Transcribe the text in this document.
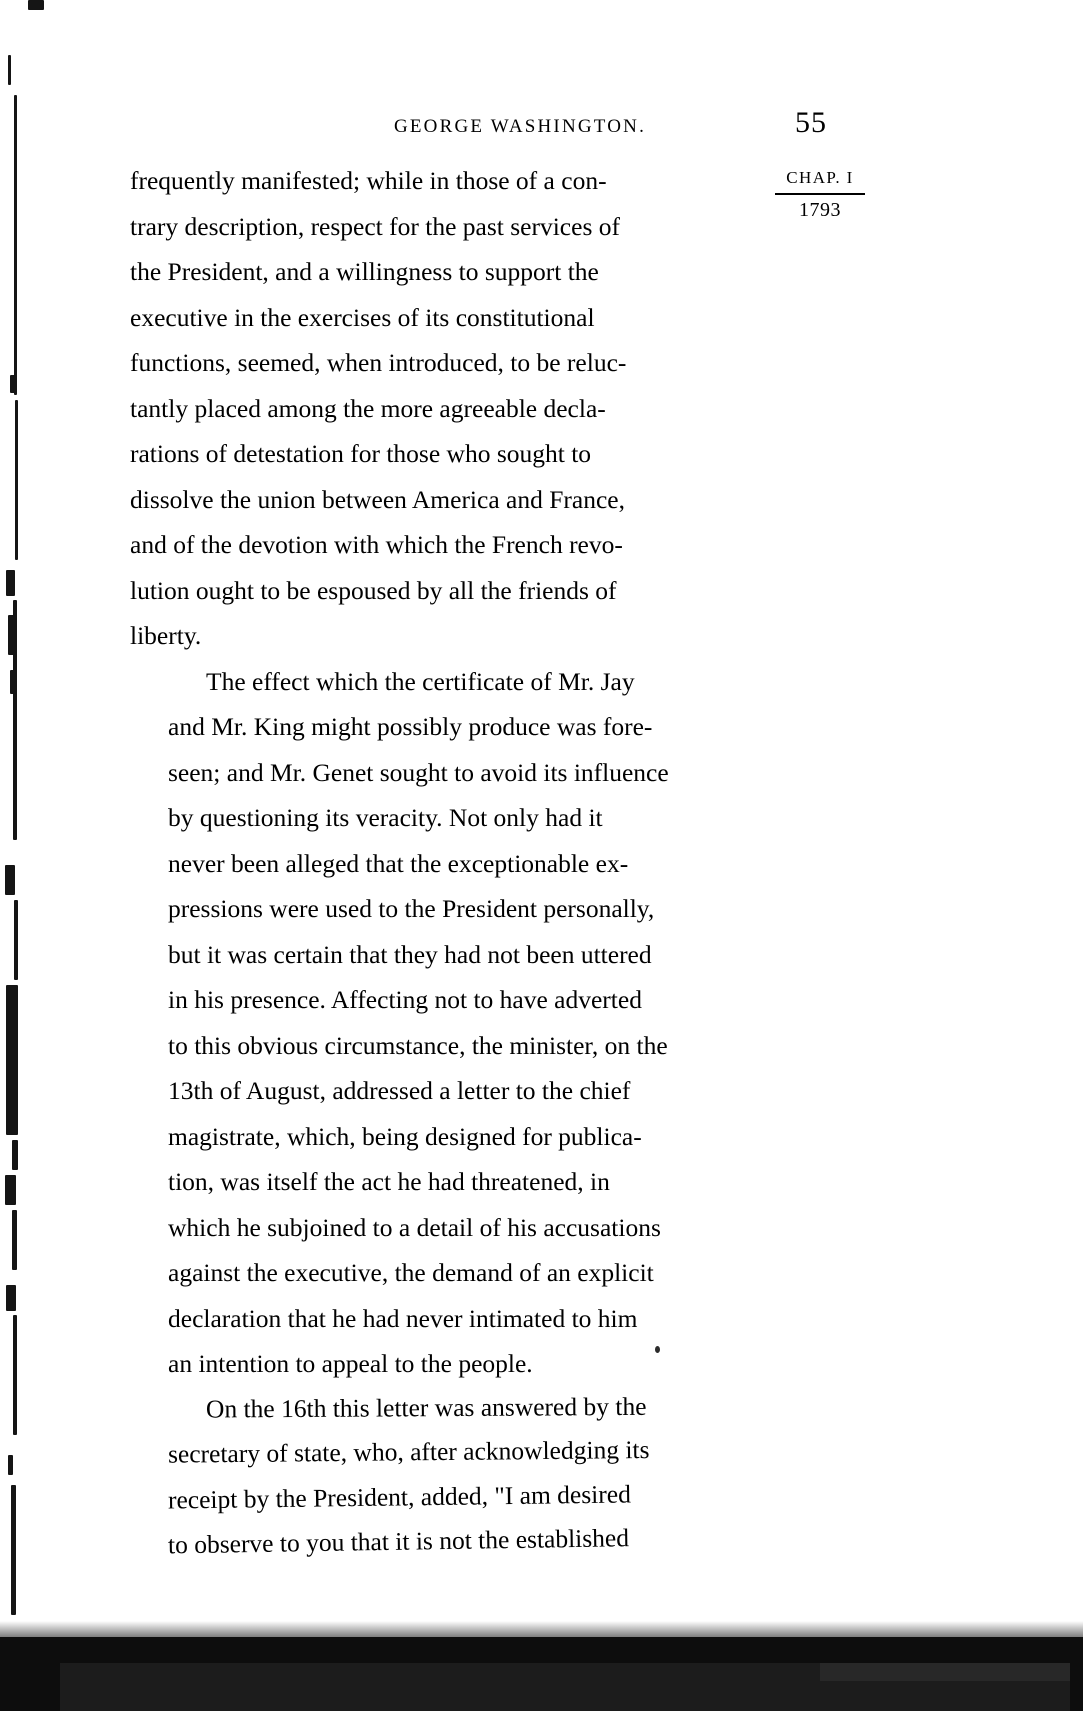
GEORGE WASHINGTON.	55
CHAP. I
1793

frequently manifested; while in those of a con-
trary description, respect for the past services of
the President, and a willingness to support the
executive in the exercises of its constitutional
functions, seemed, when introduced, to be reluc-
tantly placed among the more agreeable decla-
rations of detestation for those who sought to
dissolve the union between America and France,
and of the devotion with which the French revo-
lution ought to be espoused by all the friends of
liberty.

The effect which the certificate of Mr. Jay
and Mr. King might possibly produce was fore-
seen; and Mr. Genet sought to avoid its influence
by questioning its veracity. Not only had it
never been alleged that the exceptionable ex-
pressions were used to the President personally,
but it was certain that they had not been uttered
in his presence. Affecting not to have adverted
to this obvious circumstance, the minister, on the
13th of August, addressed a letter to the chief
magistrate, which, being designed for publica-
tion, was itself the act he had threatened, in
which he subjoined to a detail of his accusations
against the executive, the demand of an explicit
declaration that he had never intimated to him
an intention to appeal to the people.

On the 16th this letter was answered by the
secretary of state, who, after acknowledging its
receipt by the President, added, "I am desired
to observe to you that it is not the established
